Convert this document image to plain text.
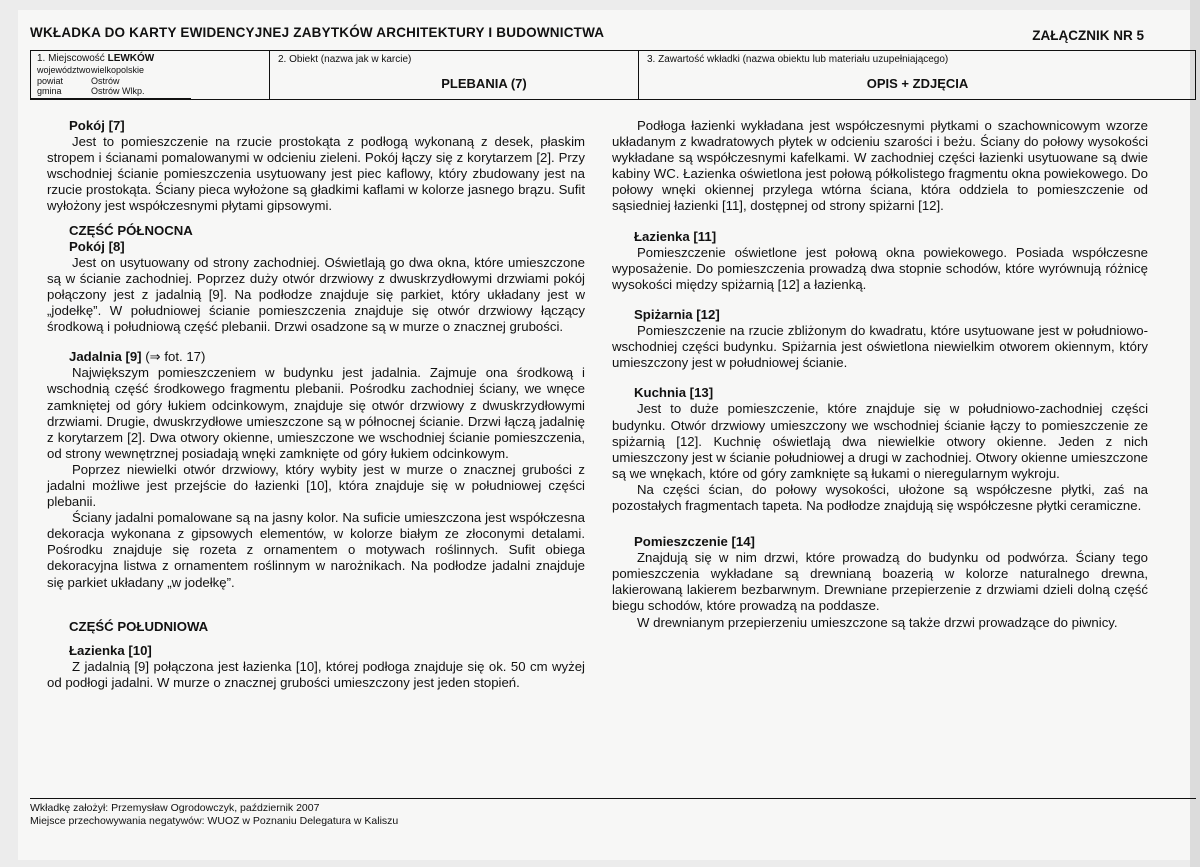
WKŁADKA DO KARTY EWIDENCYJNEJ ZABYTKÓW ARCHITEKTURY I BUDOWNICTWA	ZAŁĄCZNIK NR 5
1. Miejscowość LEWKÓW
województwowielkopolskie
powiat	Ostrów
gmina	Ostrów Wlkp.
2. Obiekt (nazwa jak w karcie)
PLEBANIA (7)
3. Zawartość wkładki (nazwa obiektu lub materiału uzupełniającego)
OPIS + ZDJĘCIA
Pokój [7]

Jest to pomieszczenie na rzucie prostokąta z podłogą wykonaną z desek, płaskim stropem i ścianami pomalowanymi w odcieniu zieleni. Pokój łączy się z korytarzem [2]. Przy wschodniej ścianie pomieszczenia usytuowany jest piec kaflowy, który zbudowany jest na rzucie prostokąta. Ściany pieca wyłożone są gładkimi kaflami w kolorze jasnego brązu. Sufit wyłożony jest współczesnymi płytami gipsowymi.

CZĘŚĆ PÓŁNOCNA
Pokój [8]

Jest on usytuowany od strony zachodniej. Oświetlają go dwa okna, które umieszczone są w ścianie zachodniej. Poprzez duży otwór drzwiowy z dwuskrzydłowymi drzwiami pokój połączony jest z jadalnią [9]. Na podłodze znajduje się parkiet, który układany jest w „jodełkę”. W południowej ścianie pomieszczenia znajduje się otwór drzwiowy łączący środkową i południową część plebanii. Drzwi osadzone są w murze o znacznej grubości.

Jadalnia [9] (⇒ fot. 17)

Największym pomieszczeniem w budynku jest jadalnia. Zajmuje ona środkową i wschodnią część środkowego fragmentu plebanii. Pośrodku zachodniej ściany, we wnęce zamkniętej od góry łukiem odcinkowym, znajduje się otwór drzwiowy z dwuskrzydłowymi drzwiami. Drugie, dwuskrzydłowe umieszczone są w północnej ścianie. Drzwi łączą jadalnię z korytarzem [2]. Dwa otwory okienne, umieszczone we wschodniej ścianie pomieszczenia, od strony wewnętrznej posiadają wnęki zamknięte od góry łukiem odcinkowym.

Poprzez niewielki otwór drzwiowy, który wybity jest w murze o znacznej grubości z jadalni możliwe jest przejście do łazienki [10], która znajduje się w południowej części plebanii.

Ściany jadalni pomalowane są na jasny kolor. Na suficie umieszczona jest współczesna dekoracja wykonana z gipsowych elementów, w kolorze białym ze złoconymi detalami. Pośrodku znajduje się rozeta z ornamentem o motywach roślinnych. Sufit obiega dekoracyjna listwa z ornamentem roślinnym w narożnikach. Na podłodze jadalni znajduje się parkiet układany „w jodełkę”.

CZĘŚĆ POŁUDNIOWA
Łazienka [10]

Z jadalnią [9] połączona jest łazienka [10], której podłoga znajduje się ok. 50 cm wyżej od podłogi jadalni. W murze o znacznej grubości umieszczony jest jeden stopień.

Podłoga łazienki wykładana jest współczesnymi płytkami o szachownicowym wzorze układanym z kwadratowych płytek w odcieniu szarości i beżu. Ściany do połowy wysokości wykładane są współczesnymi kafelkami. W zachodniej części łazienki usytuowane są dwie kabiny WC. Łazienka oświetlona jest połową półkolistego fragmentu okna powiekowego. Do połowy wnęki okiennej przylega wtórna ściana, która oddziela to pomieszczenie od sąsiedniej łazienki [11], dostępnej od strony spiżarni [12].

Łazienka [11]

Pomieszczenie oświetlone jest połową okna powiekowego. Posiada współczesne wyposażenie. Do pomieszczenia prowadzą dwa stopnie schodów, które wyrównują różnicę wysokości między spiżarnią [12] a łazienką.

Spiżarnia [12]

Pomieszczenie na rzucie zbliżonym do kwadratu, które usytuowane jest w południowo-wschodniej części budynku. Spiżarnia jest oświetlona niewielkim otworem okiennym, który umieszczony jest w południowej ścianie.

Kuchnia [13]

Jest to duże pomieszczenie, które znajduje się w południowo-zachodniej części budynku. Otwór drzwiowy umieszczony we wschodniej ścianie łączy to pomieszczenie ze spiżarnią [12]. Kuchnię oświetlają dwa niewielkie otwory okienne. Jeden z nich umieszczony jest w ścianie południowej a drugi w zachodniej. Otwory okienne umieszczone są we wnękach, które od góry zamknięte są łukami o nieregularnym wykroju.

Na części ścian, do połowy wysokości, ułożone są współczesne płytki, zaś na pozostałych fragmentach tapeta. Na podłodze znajdują się współczesne płytki ceramiczne.

Pomieszczenie [14]

Znajdują się w nim drzwi, które prowadzą do budynku od podwórza. Ściany tego pomieszczenia wykładane są drewnianą boazerią w kolorze naturalnego drewna, lakierowaną lakierem bezbarwnym. Drewniane przepierzenie z drzwiami dzieli dolną część biegu schodów, które prowadzą na poddasze.

W drewnianym przepierzeniu umieszczone są także drzwi prowadzące do piwnicy.

Wkładkę założył: Przemysław Ogrodowczyk, październik 2007
Miejsce przechowywania negatywów: WUOZ w Poznaniu Delegatura w Kaliszu
